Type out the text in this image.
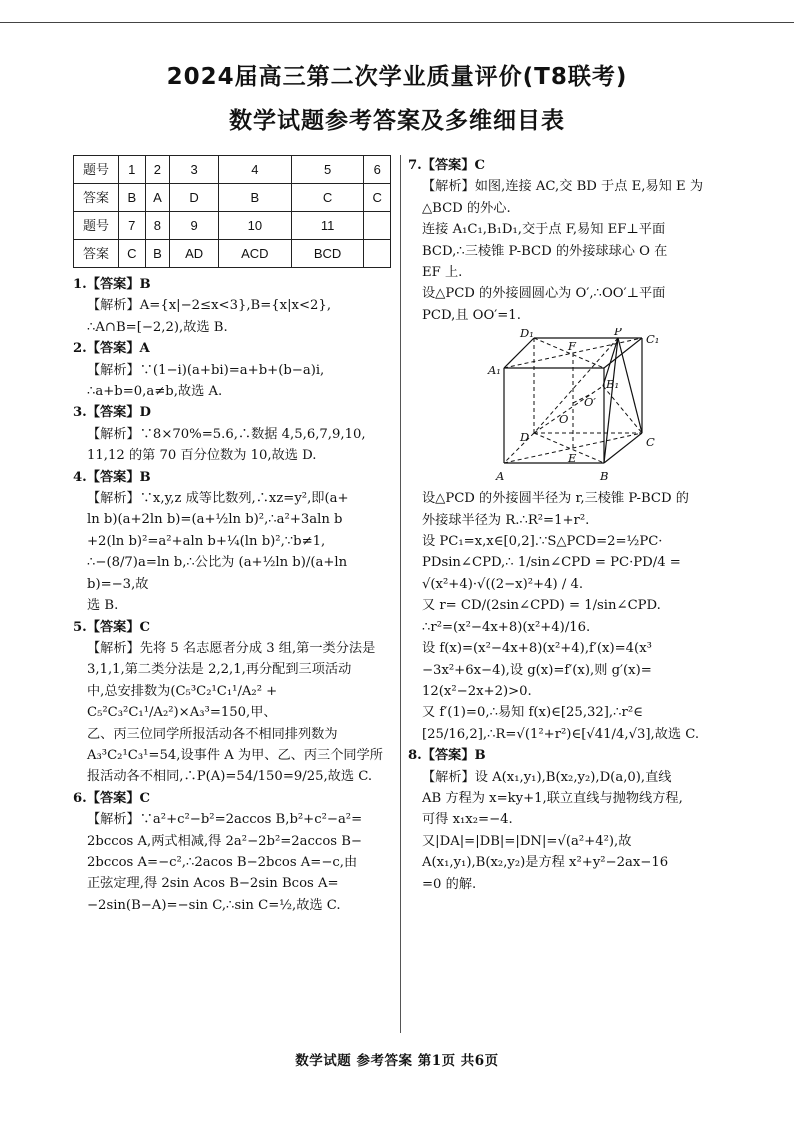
2024届高三第二次学业质量评价(T8联考)
数学试题参考答案及多维细目表
题号	1	2	3	4	5	6
答案	B	A	D	B	C	C
题号	7	8	9	10	11	
答案	C	B	AD	ACD	BCD	
1.【答案】B
【解析】A={x|−2≤x<3},B={x|x<2},
∴A∩B=[−2,2),故选 B.
2.【答案】A
【解析】∵(1−i)(a+bi)=a+b+(b−a)i,
∴a+b=0,a≠b,故选 A.
3.【答案】D
【解析】∵8×70%=5.6,∴数据 4,5,6,7,9,10,
11,12 的第 70 百分位数为 10,故选 D.
4.【答案】B
【解析】∵x,y,z 成等比数列,∴xz=y²,即(a+
ln b)(a+2ln b)=(a+½ln b)²,∴a²+3aln b
+2(ln b)²=a²+aln b+¼(ln b)²,∵b≠1,
∴−(8/7)a=ln b,∴公比为 (a+½ln b)/(a+ln b)=−3,故
选 B.
5.【答案】C
【解析】先将 5 名志愿者分成 3 组,第一类分法是
3,1,1,第二类分法是 2,2,1,再分配到三项活动
中,总安排数为(C₅³C₂¹C₁¹/A₂² + C₅²C₃²C₁¹/A₂²)×A₃³=150,甲、
乙、丙三位同学所报活动各不相同排列数为
A₃³C₂¹C₃¹=54,设事件 A 为甲、乙、丙三个同学所
报活动各不相同,∴P(A)=54/150=9/25,故选 C.
6.【答案】C
【解析】∵a²+c²−b²=2accos B,b²+c²−a²=
2bccos A,两式相减,得 2a²−2b²=2accos B−
2bccos A=−c²,∴2acos B−2bcos A=−c,由
正弦定理,得 2sin Acos B−2sin Bcos A=
−2sin(B−A)=−sin C,∴sin C=½,故选 C.
7.【答案】C
【解析】如图,连接 AC,交 BD 于点 E,易知 E 为
△BCD 的外心.
连接 A₁C₁,B₁D₁,交于点 F,易知 EF⊥平面
BCD,∴三棱锥 P-BCD 的外接球球心 O 在
EF 上.
设△PCD 的外接圆圆心为 O′,∴OO′⊥平面
PCD,且 OO′=1.
D₁
F
P
C₁
A₁
B₁
O′
O
D	C
E
A	B
设△PCD 的外接圆半径为 r,三棱锥 P-BCD 的
外接球半径为 R.∴R²=1+r².
设 PC₁=x,x∈[0,2].∵S△PCD=2=½PC·
PDsin∠CPD,∴ 1/sin∠CPD = PC·PD/4 =
√(x²+4)·√((2−x)²+4) / 4.
又 r= CD/(2sin∠CPD) = 1/sin∠CPD.
∴r²=(x²−4x+8)(x²+4)/16.
设 f(x)=(x²−4x+8)(x²+4),f′(x)=4(x³
−3x²+6x−4),设 g(x)=f′(x),则 g′(x)=
12(x²−2x+2)>0.
又 f′(1)=0,∴易知 f(x)∈[25,32],∴r²∈
[25/16,2],∴R=√(1²+r²)∈[√41/4,√3],故选 C.
8.【答案】B
【解析】设 A(x₁,y₁),B(x₂,y₂),D(a,0),直线
AB 方程为 x=ky+1,联立直线与抛物线方程,
可得 x₁x₂=−4.
又|DA|=|DB|=|DN|=√(a²+4²),故
A(x₁,y₁),B(x₂,y₂)是方程 x²+y²−2ax−16
=0 的解.
数学试题 参考答案 第1页 共6页
